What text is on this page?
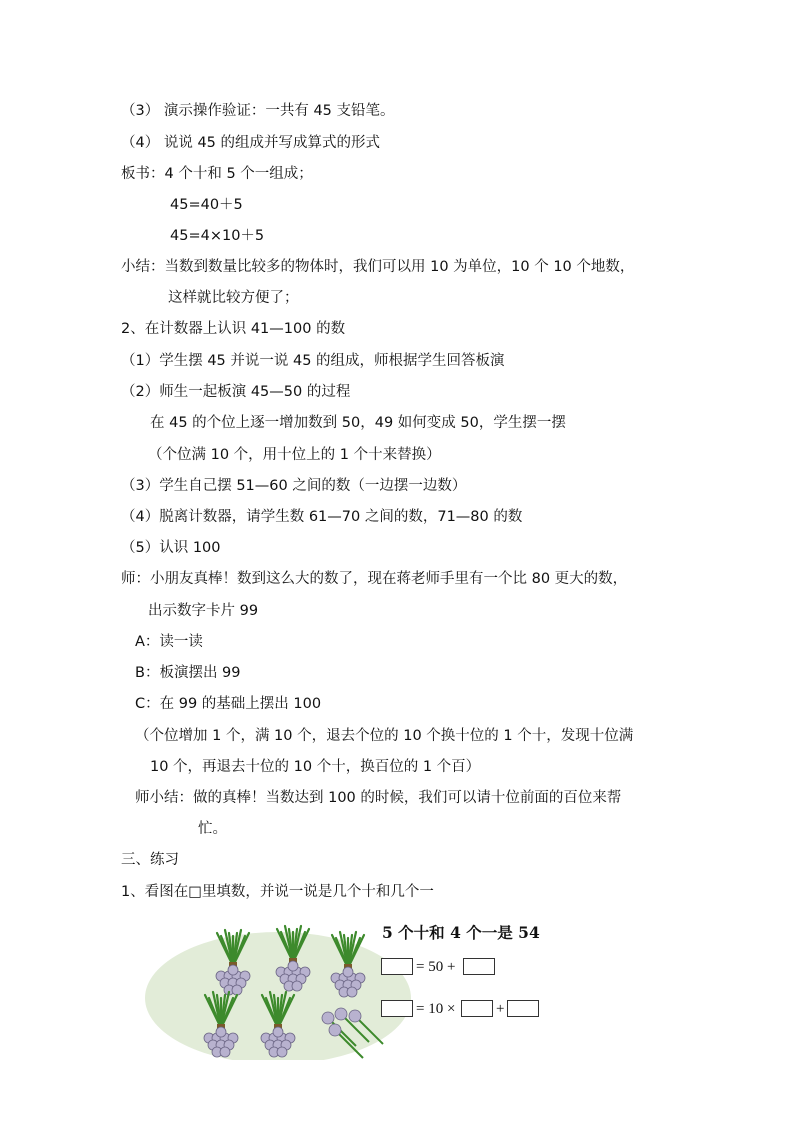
（3） 演示操作验证：一共有 45 支铅笔。
（4） 说说 45 的组成并写成算式的形式
板书：4 个十和 5 个一组成；
45=40＋5
45=4×10＋5
小结：当数到数量比较多的物体时，我们可以用 10 为单位，10 个 10 个地数，
这样就比较方便了；
2、在计数器上认识 41—100 的数
（1）学生摆 45 并说一说 45 的组成，师根据学生回答板演
（2）师生一起板演 45—50 的过程
在 45 的个位上逐一增加数到 50，49 如何变成 50，学生摆一摆
（个位满 10 个，用十位上的 1 个十来替换）
（3）学生自己摆 51—60 之间的数（一边摆一边数）
（4）脱离计数器，请学生数 61—70 之间的数，71—80 的数
（5）认识 100
师：小朋友真棒！数到这么大的数了，现在蒋老师手里有一个比 80 更大的数，
出示数字卡片 99
A：读一读
B：板演摆出 99
C：在 99 的基础上摆出 100
（个位增加 1 个，满 10 个，退去个位的 10 个换十位的 1 个十，发现十位满
10 个，再退去十位的 10 个十，换百位的 1 个百）
师小结：做的真棒！当数达到 100 的时候，我们可以请十位前面的百位来帮
忙。
三、练习
1、看图在□里填数，并说一说是几个十和几个一
5 个十和 4 个一是 54
= 50 +
= 10 ×	+
